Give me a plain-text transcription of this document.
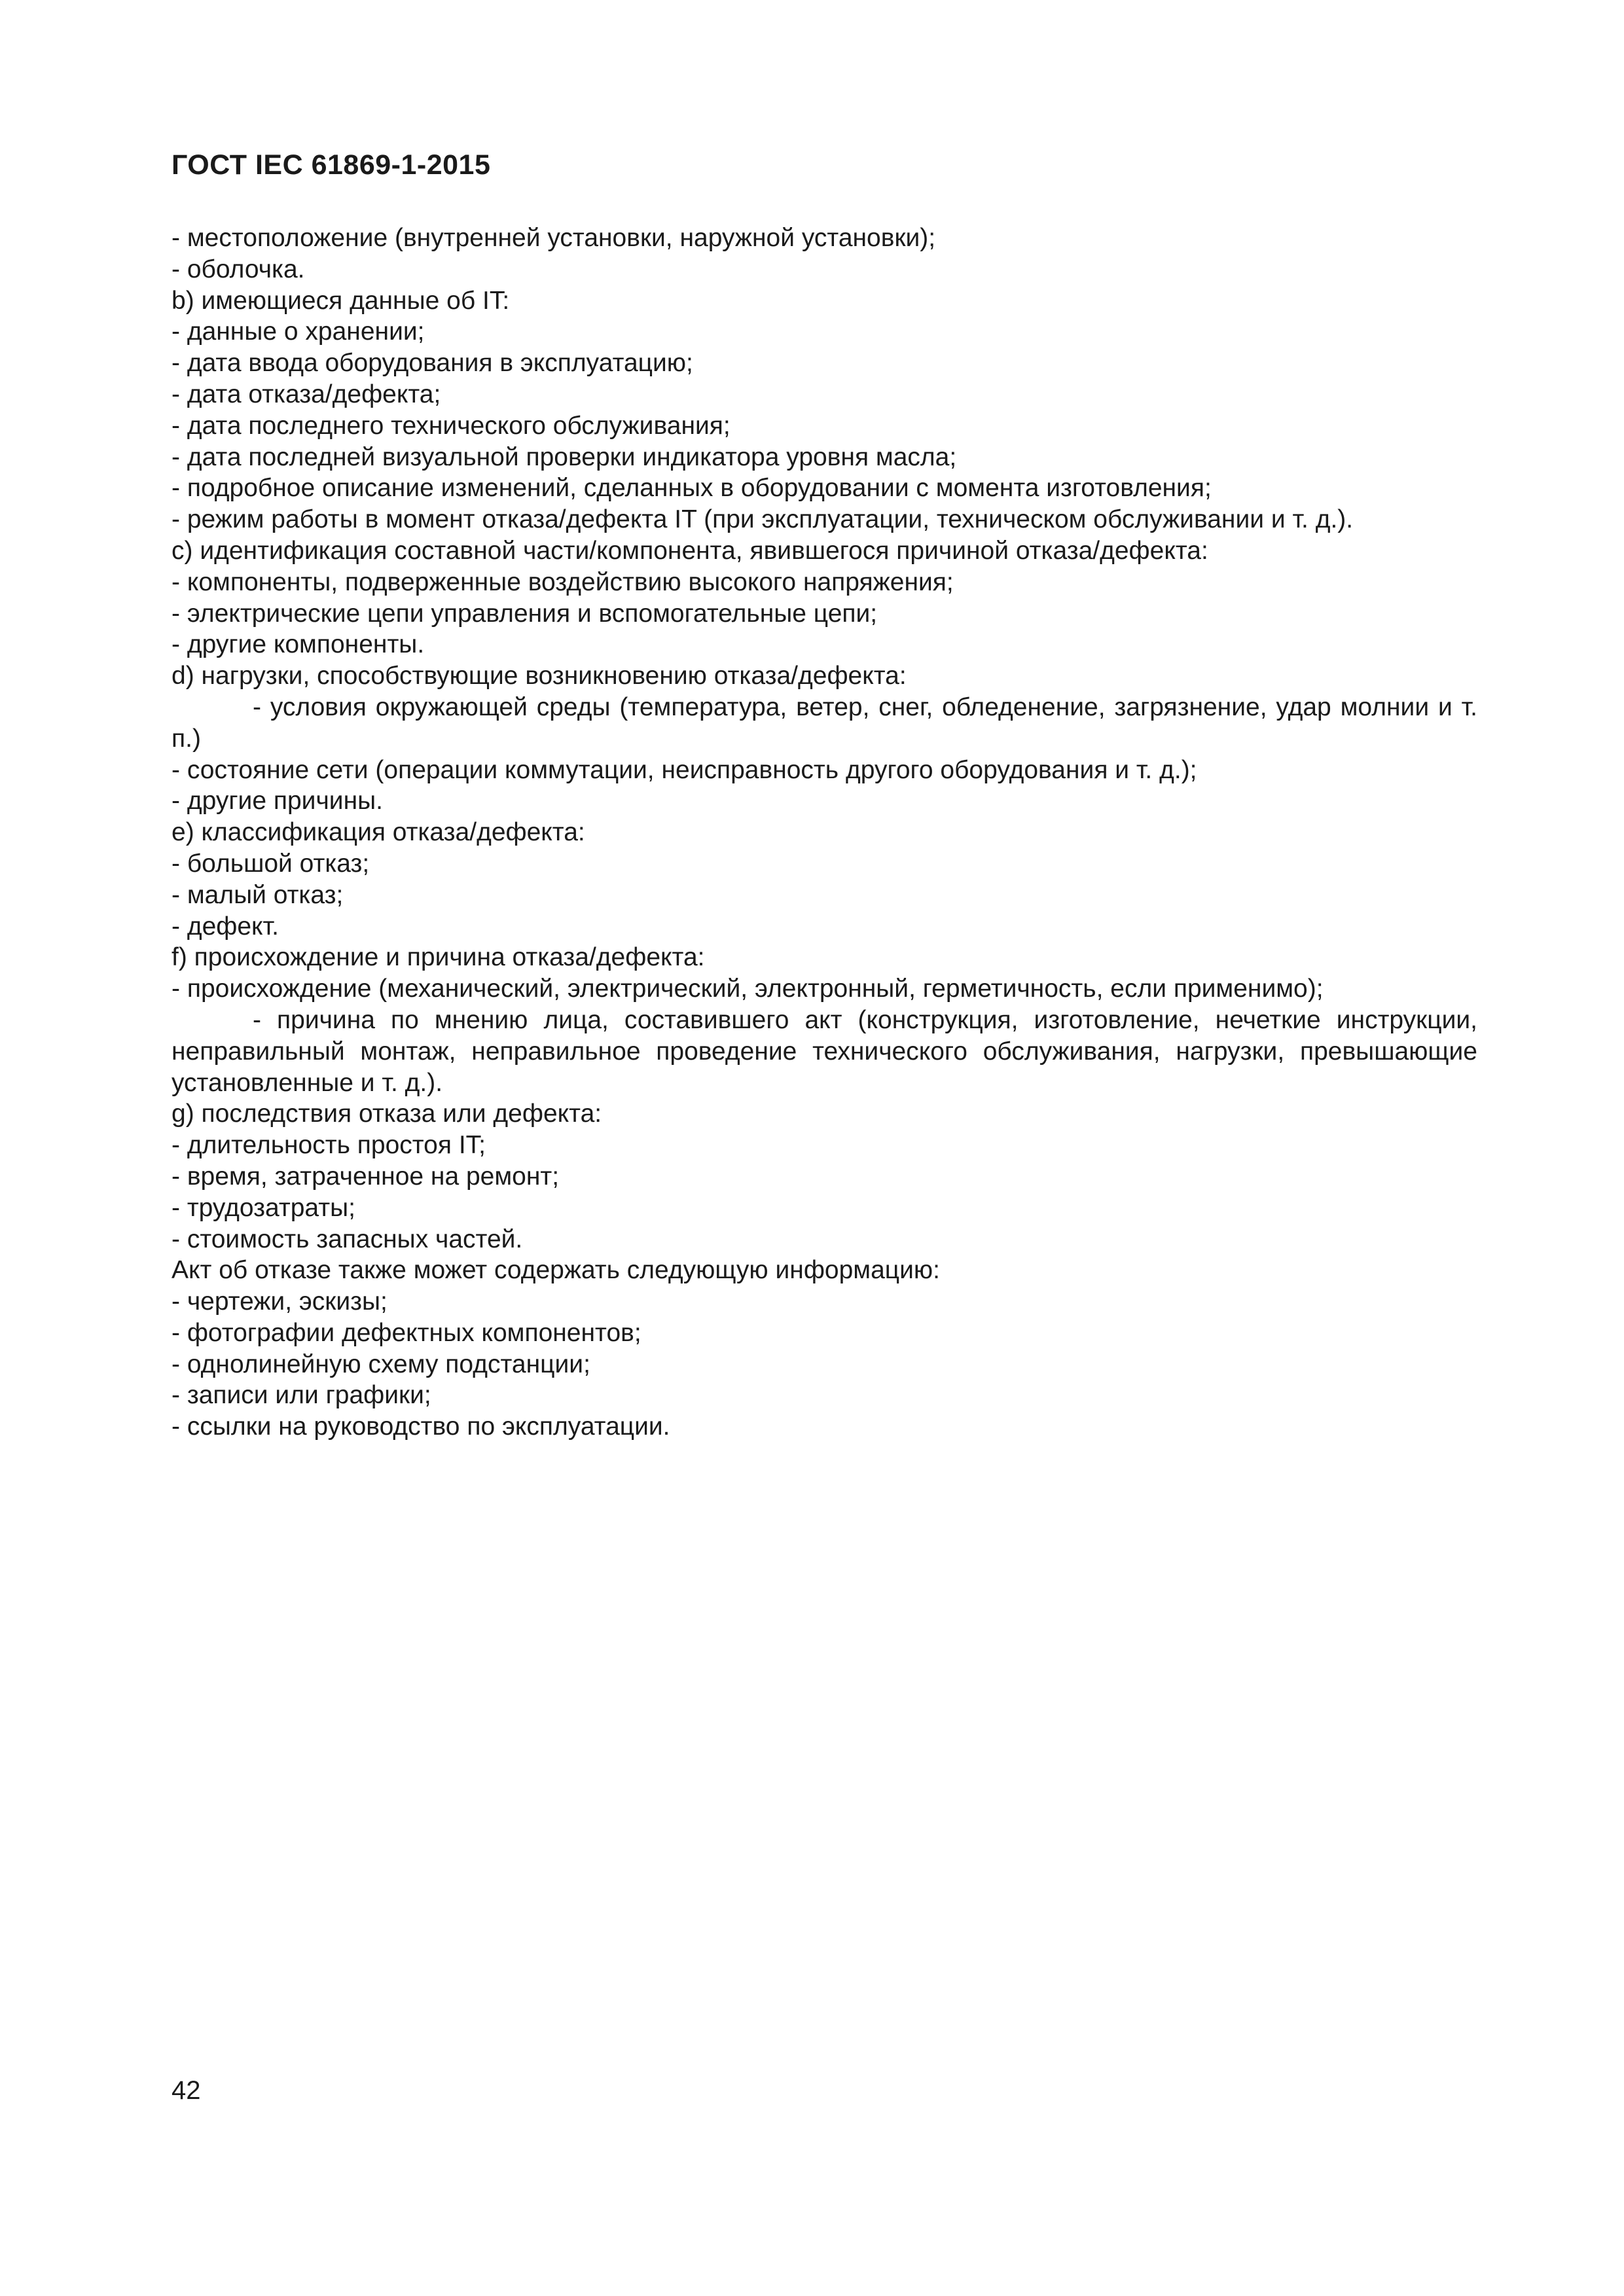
ГОСТ IEC 61869-1-2015

- местоположение (внутренней установки, наружной установки);

- оболочка.

b) имеющиеся данные об IT:

- данные о хранении;

- дата ввода оборудования в эксплуатацию;

- дата отказа/дефекта;

- дата последнего технического обслуживания;

- дата последней визуальной проверки индикатора уровня масла;

- подробное описание изменений, сделанных в оборудовании с момента изготовления;

- режим работы в момент отказа/дефекта IT (при эксплуатации, техническом обслуживании и т. д.).

c) идентификация составной части/компонента, явившегося причиной отказа/дефекта:

- компоненты, подверженные воздействию высокого напряжения;

- электрические цепи управления и вспомогательные цепи;

- другие компоненты.

d) нагрузки, способствующие возникновению отказа/дефекта:

- условия окружающей среды (температура, ветер, снег, обледенение, загрязнение, удар молнии и т. п.)

- состояние сети (операции коммутации, неисправность другого оборудования и т. д.);

- другие причины.

e) классификация отказа/дефекта:

- большой отказ;

- малый отказ;

- дефект.

f) происхождение и причина отказа/дефекта:

- происхождение (механический, электрический, электронный, герметичность, если применимо);

- причина по мнению лица, составившего акт (конструкция, изготовление, нечеткие инструкции, неправильный монтаж, неправильное проведение технического обслуживания, нагрузки, превышающие установленные и т. д.).

g) последствия отказа или дефекта:

- длительность простоя IT;

- время, затраченное на ремонт;

- трудозатраты;

- стоимость запасных частей.

Акт об отказе также может содержать следующую информацию:

- чертежи, эскизы;

- фотографии дефектных компонентов;

- однолинейную схему подстанции;

- записи или графики;

- ссылки на руководство по эксплуатации.

42
